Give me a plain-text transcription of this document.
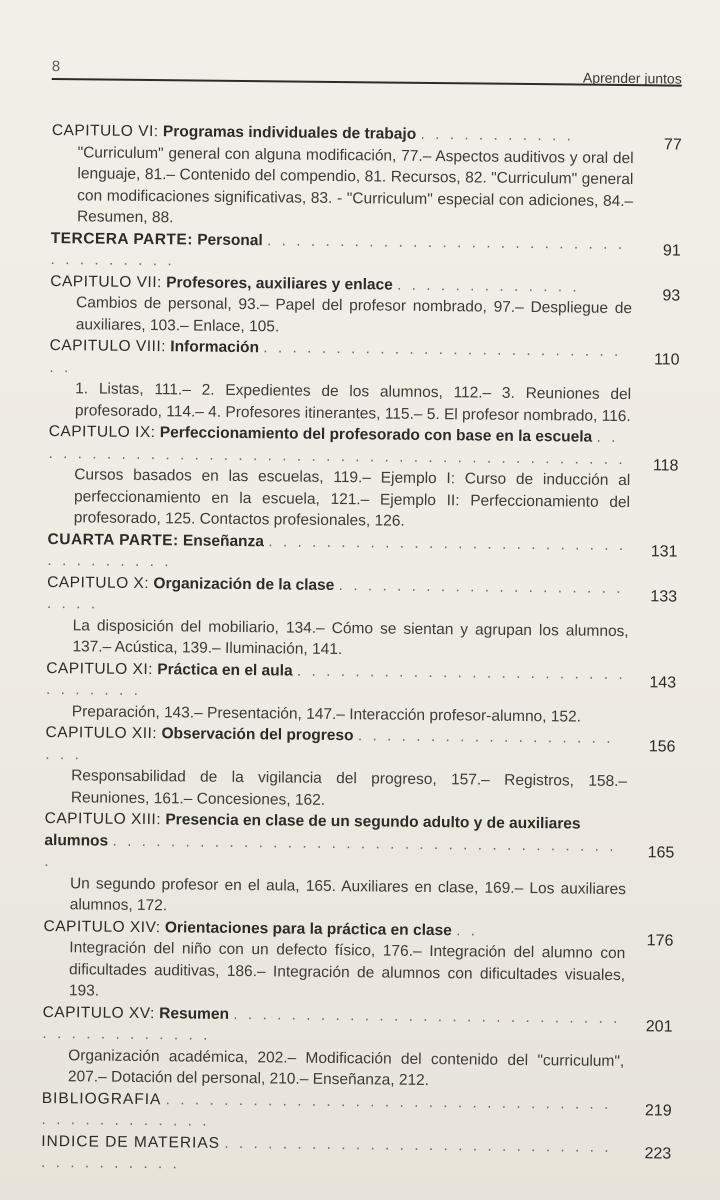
8
Aprender juntos
CAPITULO VI: Programas individuales de trabajo . . . . . . . . . . .
77
"Curriculum" general con alguna modificación, 77.– Aspectos auditivos y oral del lenguaje, 81.– Contenido del compendio, 81. Recursos, 82. "Curriculum" general con modificaciones significativas, 83. - "Curriculum" especial con adiciones, 84.– Resumen, 88.
TERCERA PARTE: Personal . . . . . . . . . . . . . . . . . . . . . . . . . . . . . . . . . .
91
CAPITULO VII: Profesores, auxiliares y enlace . . . . . . . . . . . . .
93
Cambios de personal, 93.– Papel del profesor nombrado, 97.– Despliegue de auxiliares, 103.– Enlace, 105.
CAPITULO VIII: Información . . . . . . . . . . . . . . . . . . . . . . . . . . .	110
1. Listas, 111.– 2. Expedientes de los alumnos, 112.– 3. Reuniones del profesorado, 114.– 4. Profesores itinerantes, 115.– 5. El profesor nombrado, 116.
CAPITULO IX: Perfeccionamiento del profesorado con base en la escuela . . . . . . . . . . . . . . . . . . . . . . . . . . . . . . . . . . . . . . . . . . 118
Cursos basados en las escuelas, 119.– Ejemplo I: Curso de inducción al perfeccionamiento en la escuela, 121.– Ejemplo II: Perfeccionamiento del profesorado, 125. Contactos profesionales, 126.
CUARTA PARTE: Enseñanza . . . . . . . . . . . . . . . . . . . . . . . . . . . . . . . . . .
131
CAPITULO X: Organización de la clase . . . . . . . . . . . . . . . . . . . . . . . .	133
La disposición del mobiliario, 134.– Cómo se sientan y agrupan los alumnos, 137.– Acústica, 139.– Iluminación, 141.
CAPITULO XI: Práctica en el aula . . . . . . . . . . . . . . . . . . . . . . . . . . . . . .	143
Preparación, 143.– Presentación, 147.– Interacción profesor-alumno, 152.
CAPITULO XII: Observación del progreso . . . . . . . . . . . . . . . . . . . . .	156
Responsabilidad de la vigilancia del progreso, 157.– Registros, 158.– Reuniones, 161.– Concesiones, 162.
CAPITULO XIII: Presencia en clase de un segundo adulto y de auxiliares alumnos . . . . . . . . . . . . . . . . . . . . . . . . . . . . . . . . . . . .	165
Un segundo profesor en el aula, 165. Auxiliares en clase, 169.– Los auxiliares alumnos, 172.
CAPITULO XIV: Orientaciones para la práctica en clase . .
176
Integración del niño con un defecto físico, 176.– Integración del alumno con dificultades auditivas, 186.– Integración de alumnos con dificultades visuales, 193.
CAPITULO XV: Resumen . . . . . . . . . . . . . . . . . . . . . . . . . . . . . . . . . . . . . . .	201
Organización académica, 202.– Modificación del contenido del "curriculum", 207.– Dotación del personal, 210.– Enseñanza, 212.
BIBLIOGRAFIA . . . . . . . . . . . . . . . . . . . . . . . . . . . . . . . . . . . . . . . . . . .
219
INDICE DE MATERIAS . . . . . . . . . . . . . . . . . . . . . . . . . . . . . . . . . . . . .
223
